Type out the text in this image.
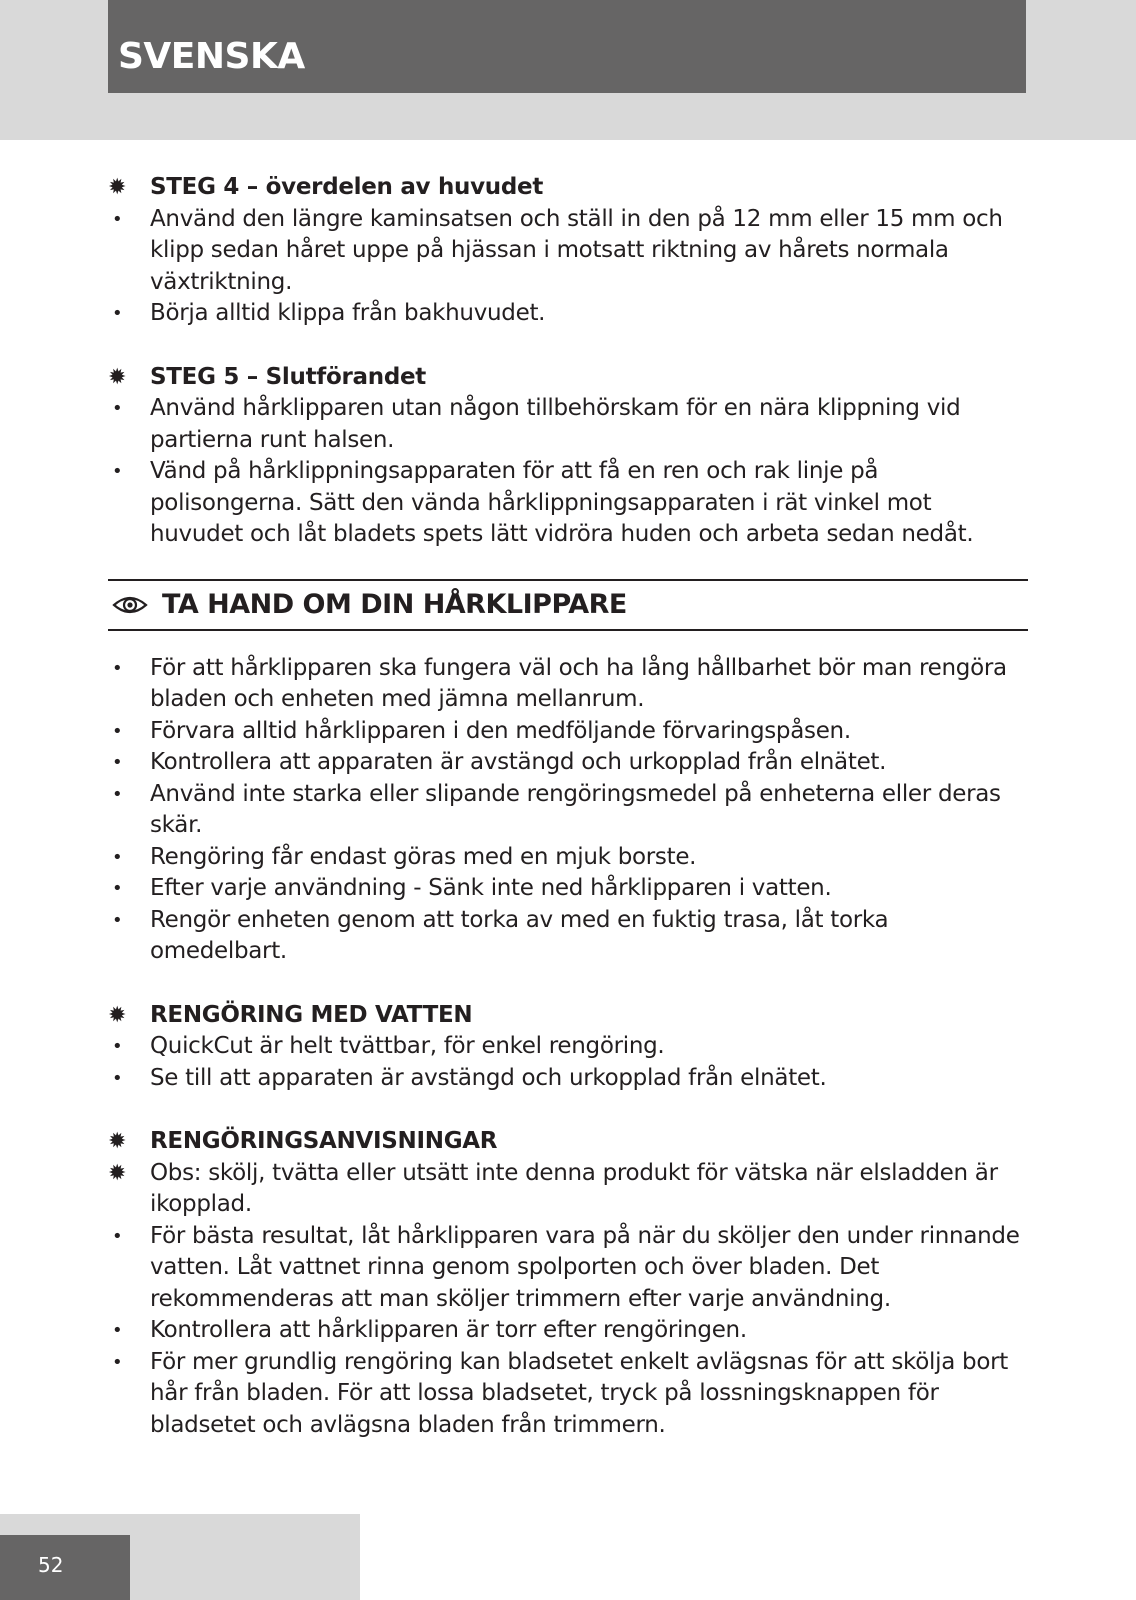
SVENSKA
✹	STEG 4 – överdelen av huvudet
•	Använd den längre kaminsatsen och ställ in den på 12 mm eller 15 mm och klipp sedan håret uppe på hjässan i motsatt riktning av hårets normala växtriktning.
•	Börja alltid klippa från bakhuvudet.
✹	STEG 5 – Slutförandet
•	Använd hårklipparen utan någon tillbehörskam för en nära klippning vid partierna runt halsen.
•	Vänd på hårklippningsapparaten för att få en ren och rak linje på polisongerna. Sätt den vända hårklippningsapparaten i rät vinkel mot huvudet och låt bladets spets lätt vidröra huden och arbeta sedan nedåt.
TA HAND OM DIN HÅRKLIPPARE
•	För att hårklipparen ska fungera väl och ha lång hållbarhet bör man rengöra bladen och enheten med jämna mellanrum.
•	Förvara alltid hårklipparen i den medföljande förvaringspåsen.
•	Kontrollera att apparaten är avstängd och urkopplad från elnätet.
•	Använd inte starka eller slipande rengöringsmedel på enheterna eller deras skär.
•	Rengöring får endast göras med en mjuk borste.
•	Efter varje användning - Sänk inte ned hårklipparen i vatten.
•	Rengör enheten genom att torka av med en fuktig trasa, låt torka omedelbart.
✹	RENGÖRING MED VATTEN
•	QuickCut är helt tvättbar, för enkel rengöring.
•	Se till att apparaten är avstängd och urkopplad från elnätet.
✹	RENGÖRINGSANVISNINGAR
✹	Obs: skölj, tvätta eller utsätt inte denna produkt för vätska när elsladden är ikopplad.
•	För bästa resultat, låt hårklipparen vara på när du sköljer den under rinnande vatten. Låt vattnet rinna genom spolporten och över bladen. Det rekommenderas att man sköljer trimmern efter varje användning.
•	Kontrollera att hårklipparen är torr efter rengöringen.
•	För mer grundlig rengöring kan bladsetet enkelt avlägsnas för att skölja bort hår från bladen. För att lossa bladsetet, tryck på lossningsknappen för bladsetet och avlägsna bladen från trimmern.
52
